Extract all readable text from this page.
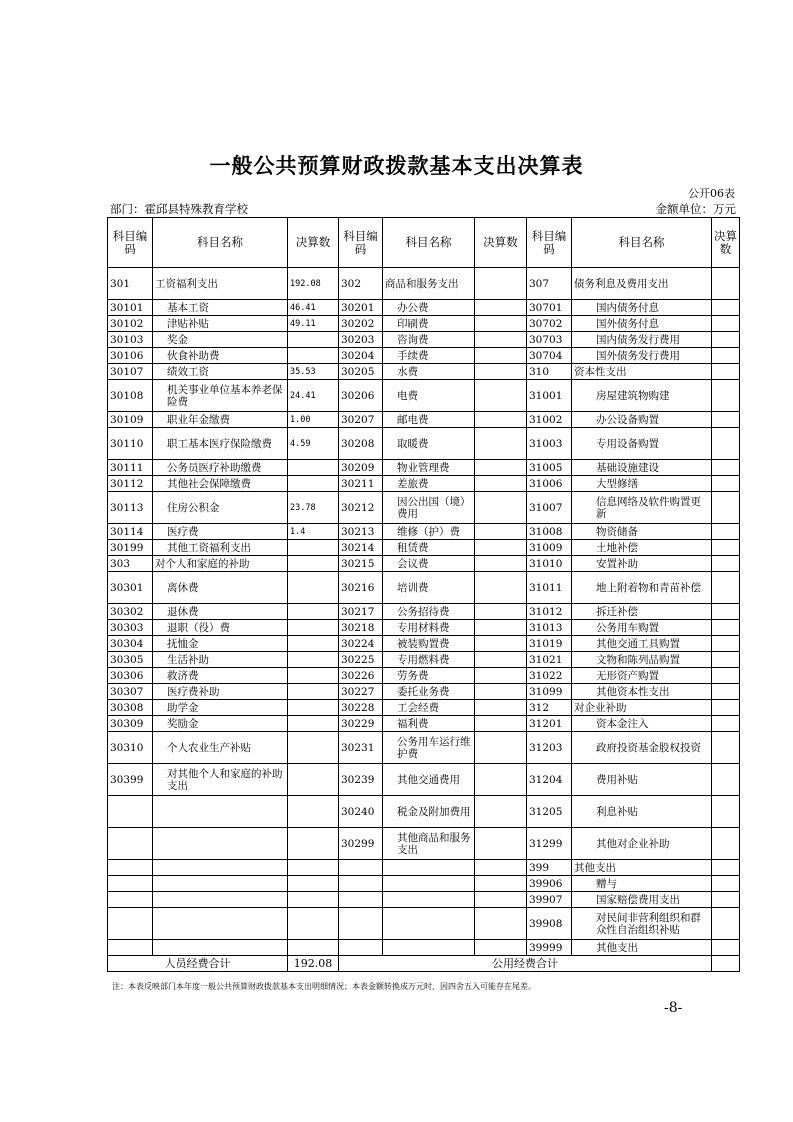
一般公共预算财政拨款基本支出决算表
公开06表
部门：霍邱县特殊教育学校	金额单位：万元
科目编码	科目名称	决算数	科目编码	科目名称	决算数	科目编码	科目名称	决算数
301	工资福利支出	192.08	302	商品和服务支出		307	债务利息及费用支出	
30101	基本工资	46.41	30201	办公费		30701	国内债务付息	
30102	津贴补贴	49.11	30202	印刷费		30702	国外债务付息	
30103	奖金		30203	咨询费		30703	国内债务发行费用	
30106	伙食补助费		30204	手续费		30704	国外债务发行费用	
30107	绩效工资	35.53	30205	水费		310	资本性支出	
30108	机关事业单位基本养老保险费	24.41	30206	电费		31001	房屋建筑物购建	
30109	职业年金缴费	1.00	30207	邮电费		31002	办公设备购置	
30110	职工基本医疗保险缴费	4.59	30208	取暖费		31003	专用设备购置	
30111	公务员医疗补助缴费		30209	物业管理费		31005	基础设施建设	
30112	其他社会保障缴费		30211	差旅费		31006	大型修缮	
30113	住房公积金	23.78	30212	因公出国（境）费用		31007	信息网络及软件购置更新	
30114	医疗费	1.4	30213	维修（护）费		31008	物资储备	
30199	其他工资福利支出		30214	租赁费		31009	土地补偿	
303	对个人和家庭的补助		30215	会议费		31010	安置补助	
30301	离休费		30216	培训费		31011	地上附着物和青苗补偿	
30302	退休费		30217	公务招待费		31012	拆迁补偿	
30303	退职（役）费		30218	专用材料费		31013	公务用车购置	
30304	抚恤金		30224	被装购置费		31019	其他交通工具购置	
30305	生活补助		30225	专用燃料费		31021	文物和陈列品购置	
30306	救济费		30226	劳务费		31022	无形资产购置	
30307	医疗费补助		30227	委托业务费		31099	其他资本性支出	
30308	助学金		30228	工会经费		312	对企业补助	
30309	奖励金		30229	福利费		31201	资本金注入	
30310	个人农业生产补贴		30231	公务用车运行维护费		31203	政府投资基金股权投资	
30399	对其他个人和家庭的补助支出		30239	其他交通费用		31204	费用补贴	
			30240	税金及附加费用		31205	利息补贴	
			30299	其他商品和服务支出		31299	其他对企业补助	
						399	其他支出	
						39906	赠与	
						39907	国家赔偿费用支出	
						39908	对民间非营利组织和群众性自治组织补贴	
						39999	其他支出	
人员经费合计		192.08	公用经费合计					
注：本表反映部门本年度一般公共预算财政拨款基本支出明细情况；本表金额转换成万元时，因四舍五入可能存在尾差。
-8-
